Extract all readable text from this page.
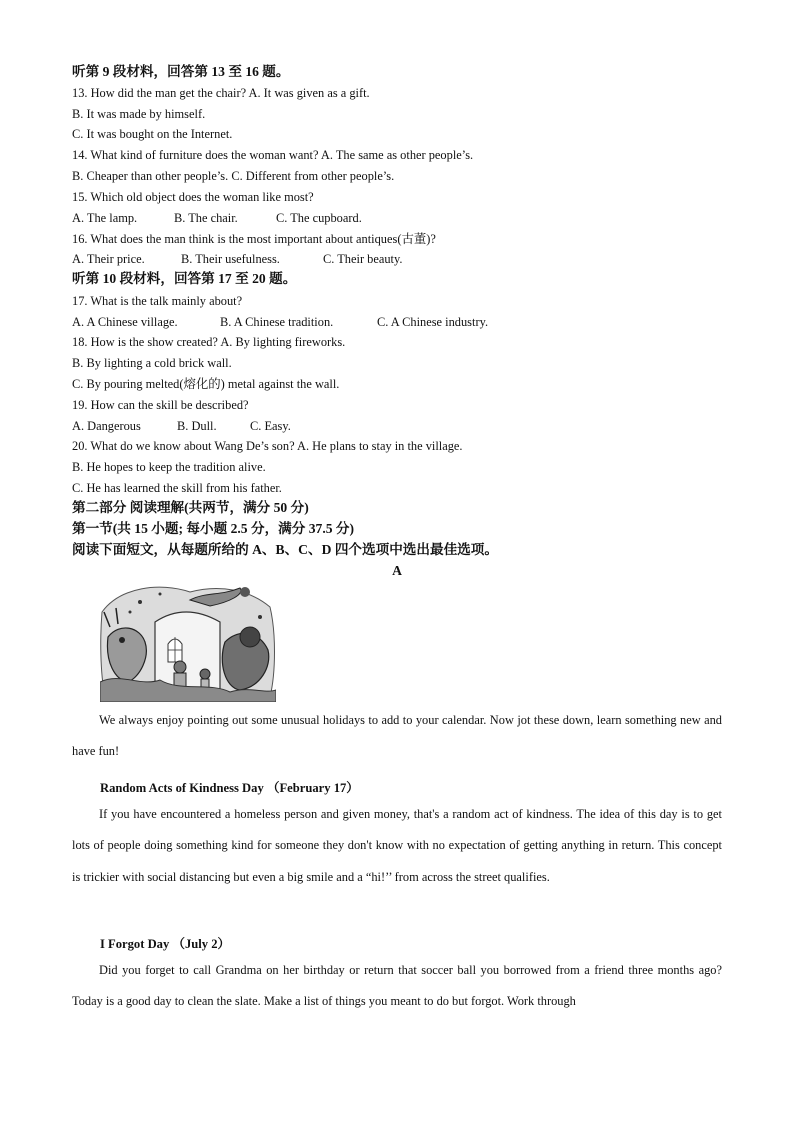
听第 9 段材料，回答第 13 至 16 题。
13. How did the man get the chair? A. It was given as a gift.
B. It was made by himself.
C. It was bought on the Internet.
14. What kind of furniture does the woman want? A. The same as other people’s.
B. Cheaper than other people’s. C. Different from other people’s.
15. Which old object does the woman like most?
A. The lamp.	B. The chair.	C. The cupboard.
16. What does the man think is the most important about antiques(古董)?
A. Their price.	B. Their usefulness.	C. Their beauty.
听第 10 段材料，回答第 17 至 20 题。
17. What is the talk mainly about?
A. A Chinese village.	B. A Chinese tradition.	C. A Chinese industry.
18. How is the show created? A. By lighting fireworks.
B. By lighting a cold brick wall.
C. By pouring melted(熔化的) metal against the wall.
19. How can the skill be described?
A. Dangerous	B. Dull.	C. Easy.
20. What do we know about Wang De’s son? A. He plans to stay in the village.
B. He hopes to keep the tradition alive.
C. He has learned the skill from his father.
第二部分 阅读理解(共两节，满分 50 分)
第一节(共 15 小题; 每小题 2.5 分，满分 37.5 分)
阅读下面短文，从每题所给的 A、B、C、D 四个选项中选出最佳选项。
A
We always enjoy pointing out some unusual holidays to add to your calendar. Now jot these down, learn something new and have fun!
Random Acts of Kindness Day （February 17）
If you have encountered a homeless person and given money, that's a random act of kindness. The idea of this day is to get lots of people doing something kind for someone they don't know with no expectation of getting anything in return. This concept is trickier with social distancing but even a big smile and a “hi!’’ from across the street qualifies.
I Forgot Day （July 2）
Did you forget to call Grandma on her birthday or return that soccer ball you borrowed from a friend three months ago? Today is a good day to clean the slate. Make a list of things you meant to do but forgot. Work through
